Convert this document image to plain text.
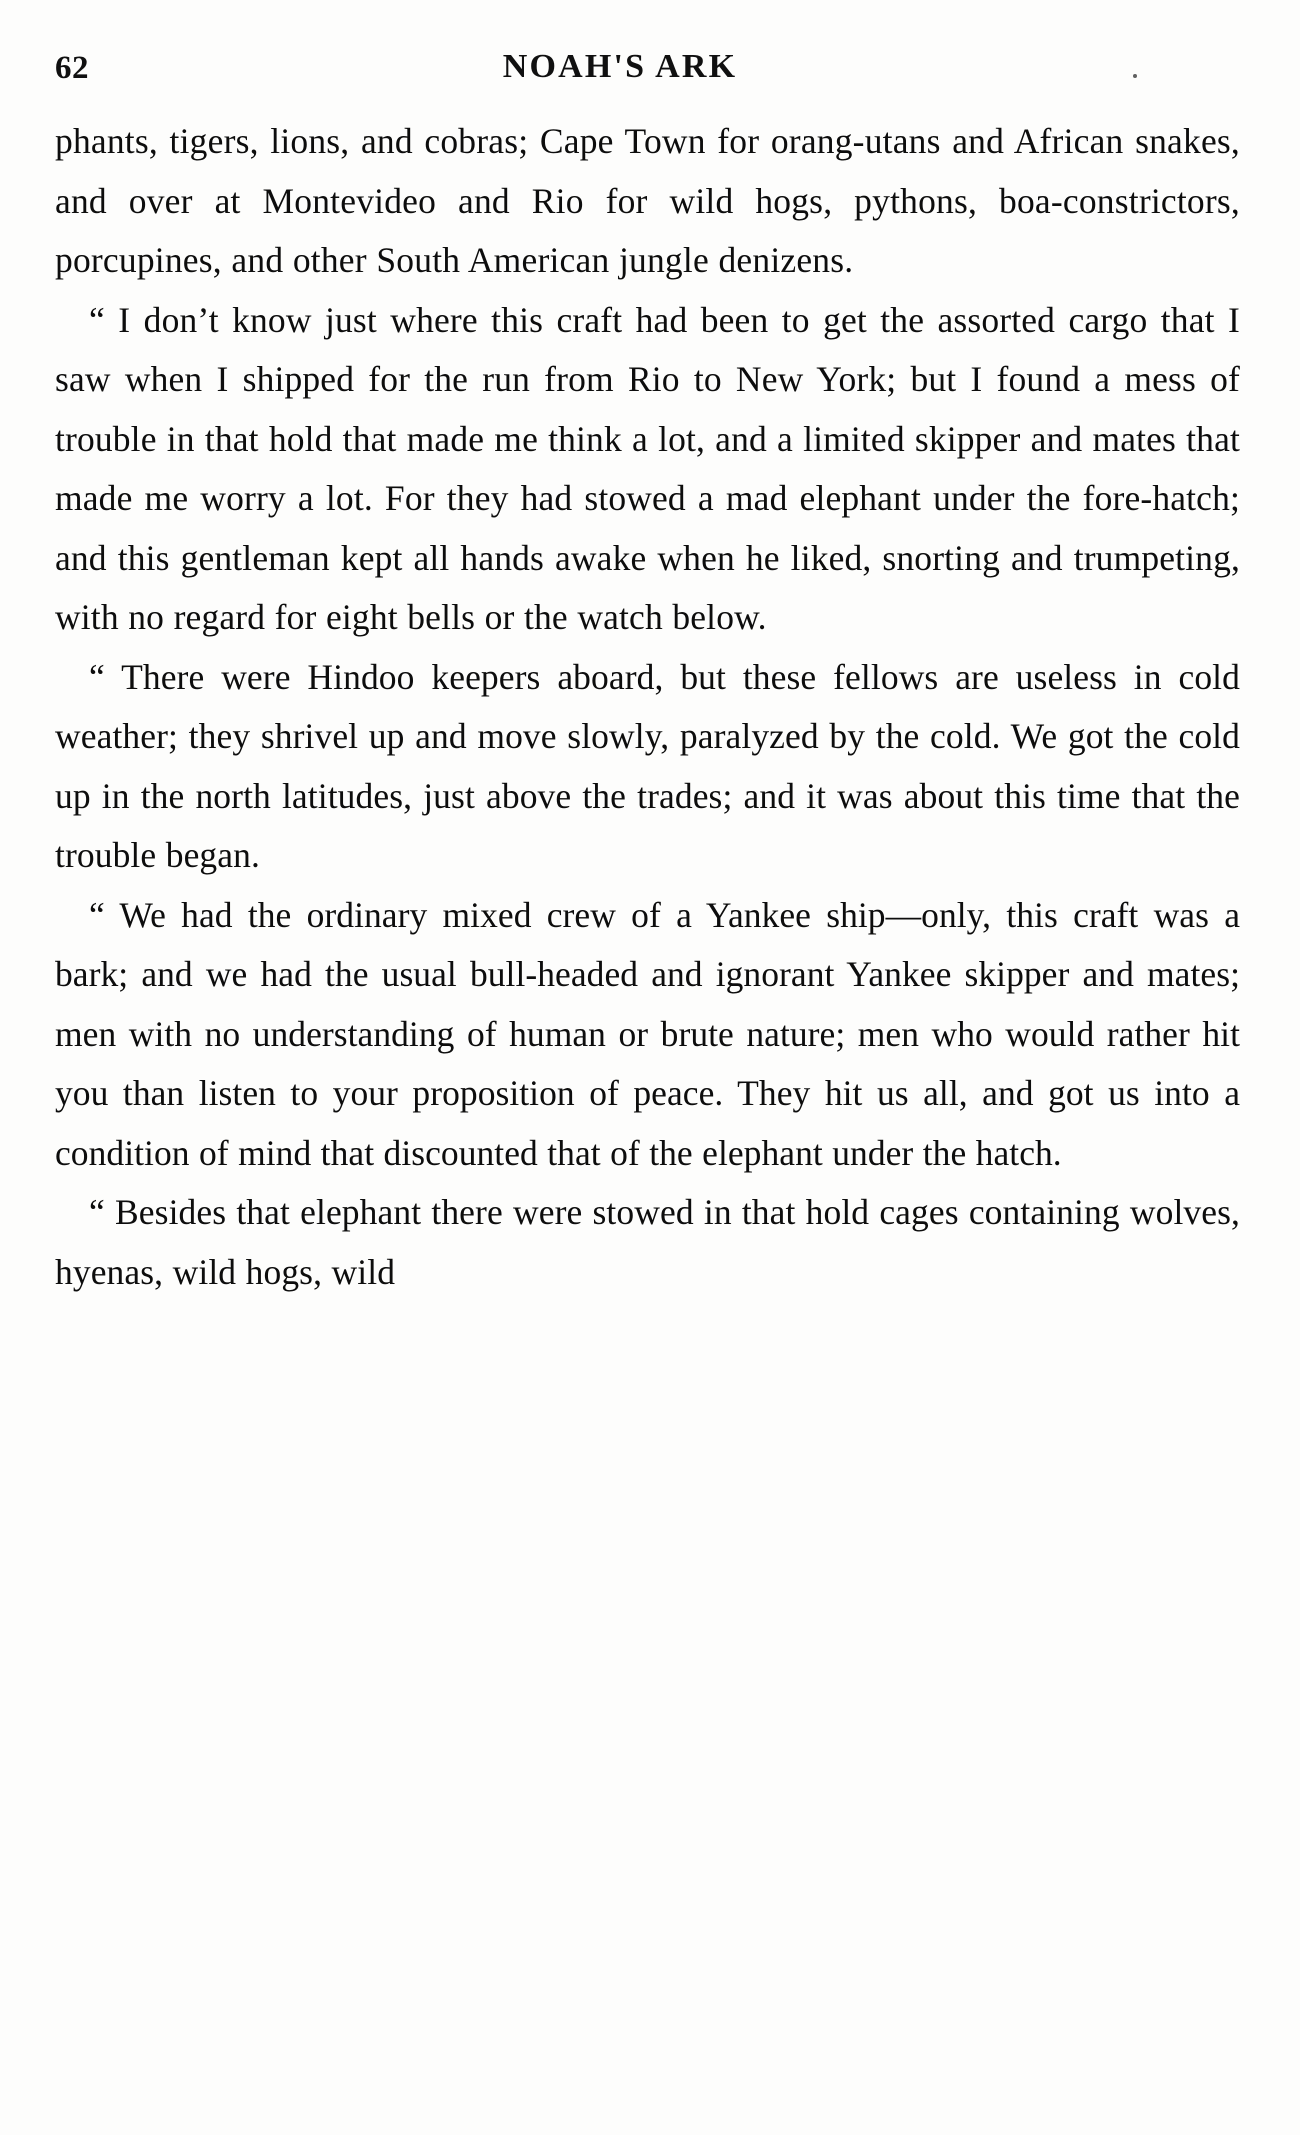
62	NOAH'S ARK

phants, tigers, lions, and cobras; Cape Town for orang-utans and African snakes, and over at Montevideo and Rio for wild hogs, pythons, boa-constrictors, porcupines, and other South American jungle denizens.

“ I don’t know just where this craft had been to get the assorted cargo that I saw when I shipped for the run from Rio to New York; but I found a mess of trouble in that hold that made me think a lot, and a limited skipper and mates that made me worry a lot. For they had stowed a mad elephant under the fore-hatch; and this gentleman kept all hands awake when he liked, snorting and trumpeting, with no regard for eight bells or the watch below.

“ There were Hindoo keepers aboard, but these fellows are useless in cold weather; they shrivel up and move slowly, paralyzed by the cold. We got the cold up in the north latitudes, just above the trades; and it was about this time that the trouble began.

“ We had the ordinary mixed crew of a Yankee ship—only, this craft was a bark; and we had the usual bull-headed and ignorant Yankee skipper and mates; men with no understanding of human or brute nature; men who would rather hit you than listen to your proposition of peace. They hit us all, and got us into a condition of mind that discounted that of the elephant under the hatch.

“ Besides that elephant there were stowed in that hold cages containing wolves, hyenas, wild hogs, wild
